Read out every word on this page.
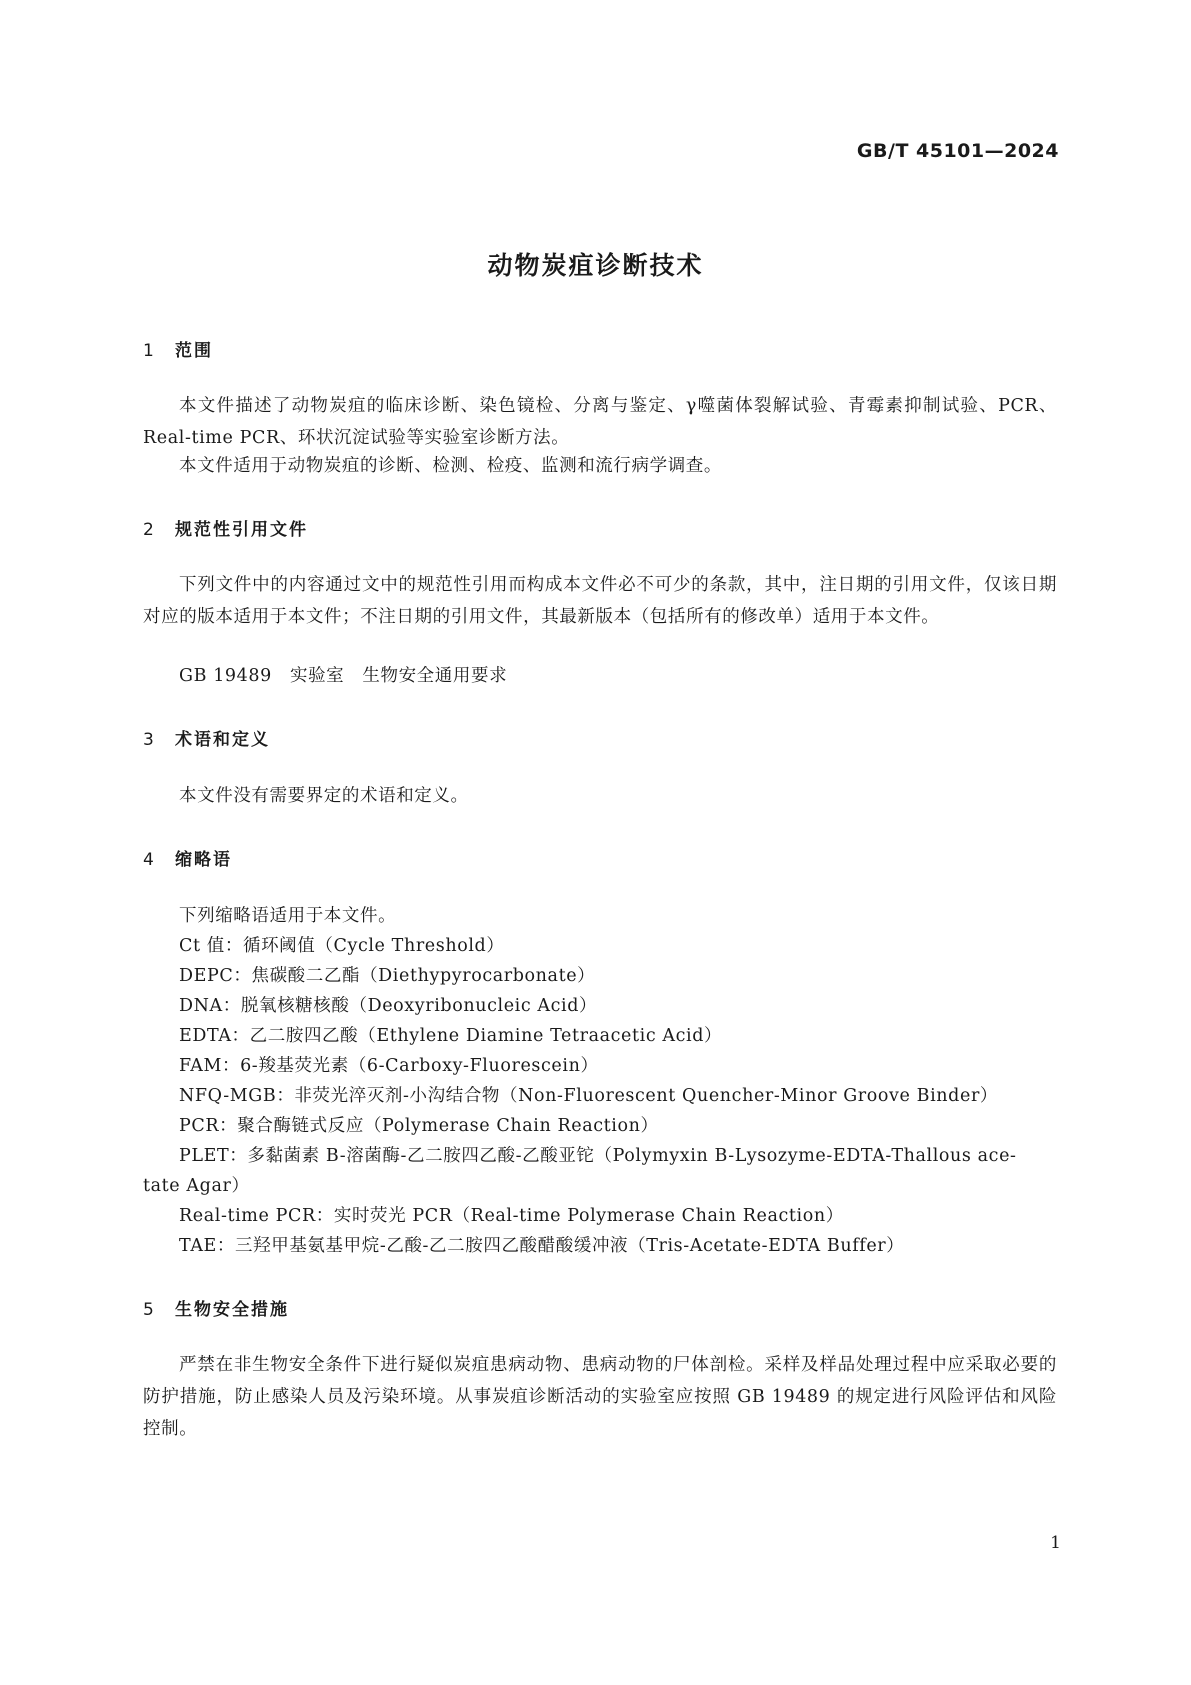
GB/T 45101—2024
动物炭疽诊断技术
1 范围
本文件描述了动物炭疽的临床诊断、染色镜检、分离与鉴定、γ噬菌体裂解试验、青霉素抑制试验、PCR、Real-time PCR、环状沉淀试验等实验室诊断方法。
本文件适用于动物炭疽的诊断、检测、检疫、监测和流行病学调查。
2 规范性引用文件
下列文件中的内容通过文中的规范性引用而构成本文件必不可少的条款，其中，注日期的引用文件，仅该日期对应的版本适用于本文件；不注日期的引用文件，其最新版本（包括所有的修改单）适用于本文件。
GB 19489　实验室　生物安全通用要求
3 术语和定义
本文件没有需要界定的术语和定义。
4 缩略语
下列缩略语适用于本文件。
Ct 值：循环阈值（Cycle Threshold）
DEPC：焦碳酸二乙酯（Diethypyrocarbonate）
DNA：脱氧核糖核酸（Deoxyribonucleic Acid）
EDTA：乙二胺四乙酸（Ethylene Diamine Tetraacetic Acid）
FAM：6-羧基荧光素（6-Carboxy-Fluorescein）
NFQ-MGB：非荧光淬灭剂-小沟结合物（Non-Fluorescent Quencher-Minor Groove Binder）
PCR：聚合酶链式反应（Polymerase Chain Reaction）
PLET：多黏菌素 B-溶菌酶-乙二胺四乙酸-乙酸亚铊（Polymyxin B-Lysozyme-EDTA-Thallous ace-
tate Agar）
Real-time PCR：实时荧光 PCR（Real-time Polymerase Chain Reaction）
TAE：三羟甲基氨基甲烷-乙酸-乙二胺四乙酸醋酸缓冲液（Tris-Acetate-EDTA Buffer）
5 生物安全措施
严禁在非生物安全条件下进行疑似炭疽患病动物、患病动物的尸体剖检。采样及样品处理过程中应采取必要的防护措施，防止感染人员及污染环境。从事炭疽诊断活动的实验室应按照 GB 19489 的规定进行风险评估和风险控制。
1
